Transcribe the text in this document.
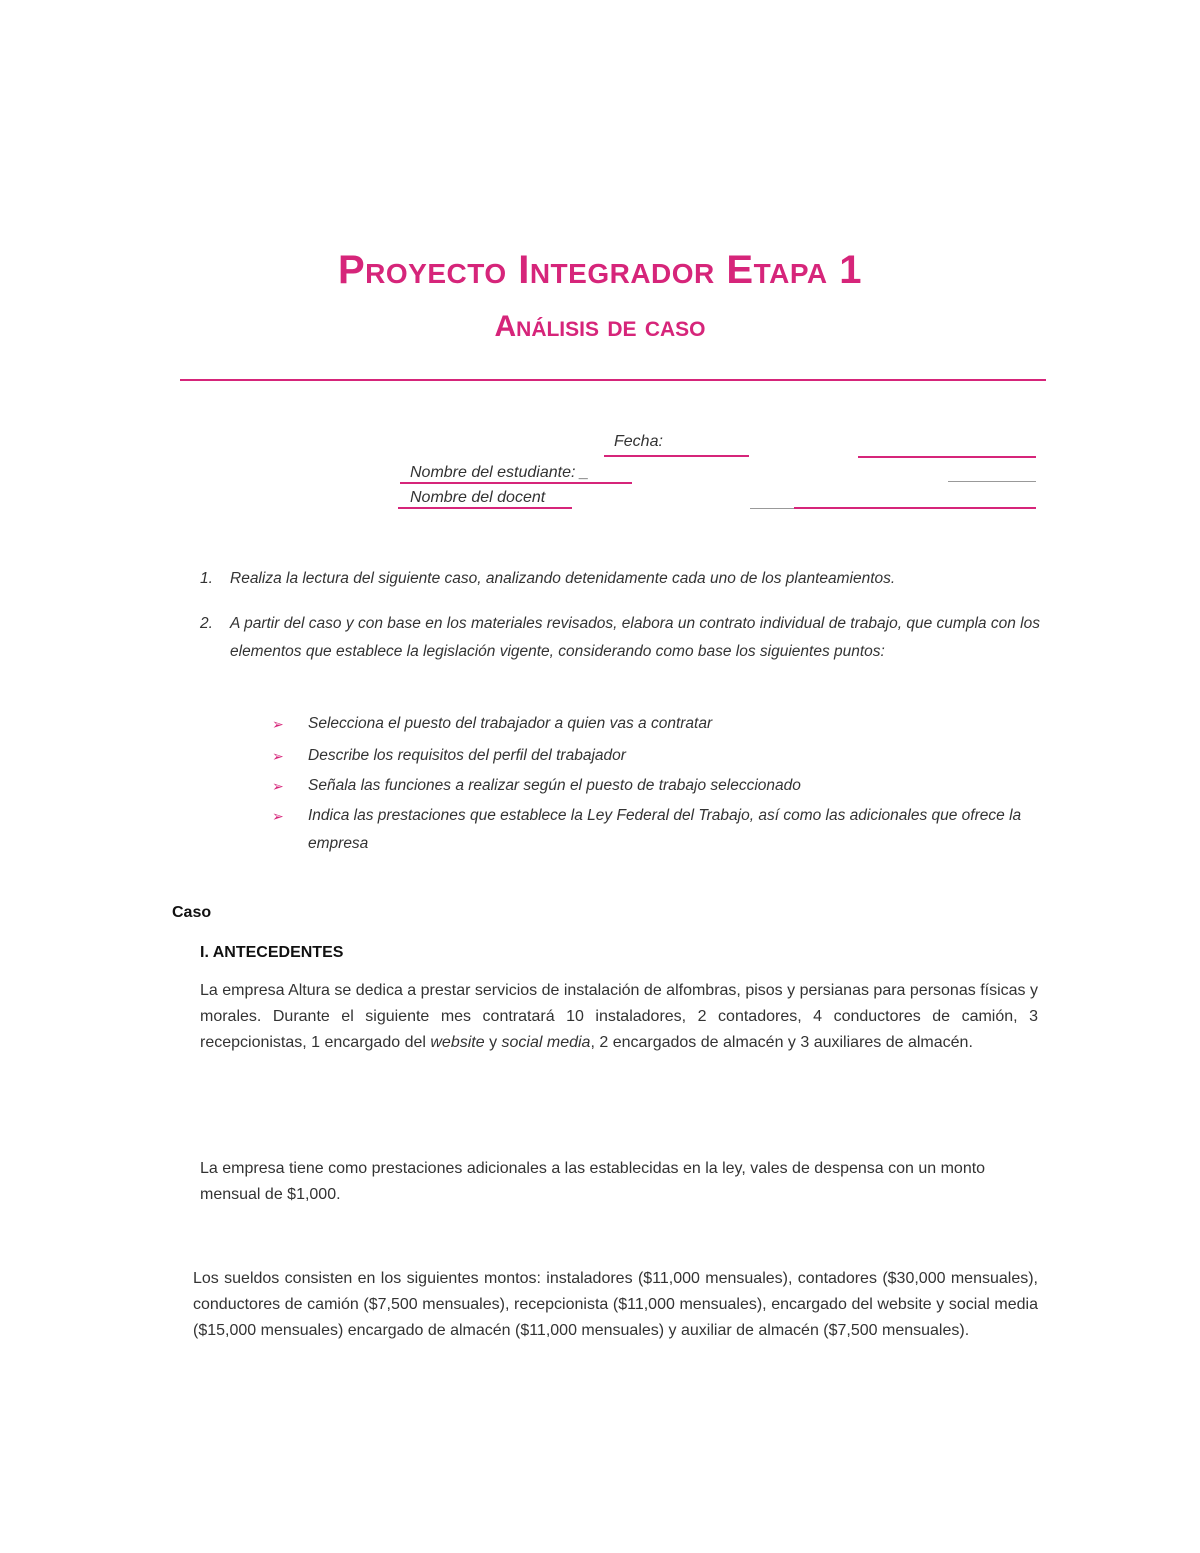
Proyecto Integrador Etapa 1
Análisis de caso
Fecha:
Nombre del estudiante: _
Nombre del docent
1.	Realiza la lectura del siguiente caso, analizando detenidamente cada uno de los planteamientos.
2.	A partir del caso y con base en los materiales revisados, elabora un contrato individual de trabajo, que cumpla con los elementos que establece la legislación vigente, considerando como base los siguientes puntos:
➢	Selecciona el puesto del trabajador a quien vas a contratar
➢	Describe los requisitos del perfil del trabajador
➢	Señala las funciones a realizar según el puesto de trabajo seleccionado
➢	Indica las prestaciones que establece la Ley Federal del Trabajo, así como las adicionales que ofrece la empresa
Caso
I. ANTECEDENTES
La empresa Altura se dedica a prestar servicios de instalación de alfombras, pisos y persianas para personas físicas y morales. Durante el siguiente mes contratará 10 instaladores, 2 contadores, 4 conductores de camión, 3 recepcionistas, 1 encargado del website y social media, 2 encargados de almacén y 3 auxiliares de almacén.
La empresa tiene como prestaciones adicionales a las establecidas en la ley, vales de despensa con un monto mensual de $1,000.
Los sueldos consisten en los siguientes montos: instaladores ($11,000 mensuales), contadores ($30,000 mensuales), conductores de camión ($7,500 mensuales), recepcionista ($11,000 mensuales), encargado del website y social media ($15,000 mensuales) encargado de almacén ($11,000 mensuales) y auxiliar de almacén ($7,500 mensuales).
